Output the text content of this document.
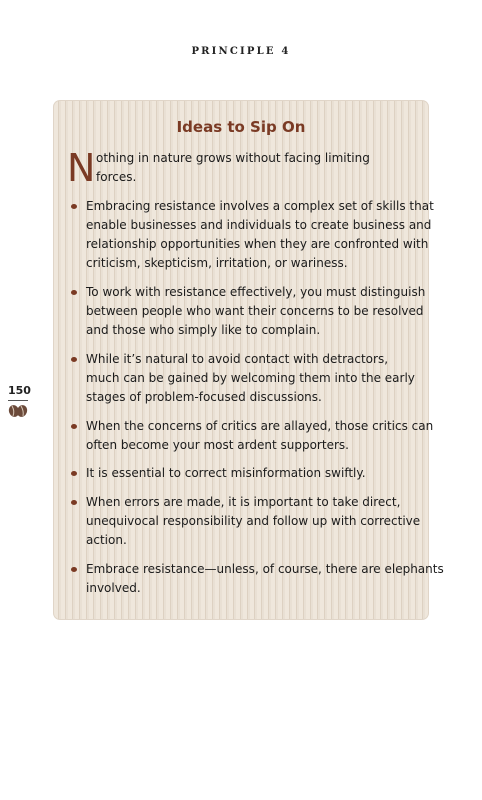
PRINCIPLE 4
150
Ideas to Sip On
N othing in nature grows without facing limiting
forces.
Embracing resistance involves a complex set of skills that
enable businesses and individuals to create business and
relationship opportunities when they are confronted with
criticism, skepticism, irritation, or wariness.
To work with resistance effectively, you must distinguish
between people who want their concerns to be resolved
and those who simply like to complain.
While it’s natural to avoid contact with detractors,
much can be gained by welcoming them into the early
stages of problem-focused discussions.
When the concerns of critics are allayed, those critics can
often become your most ardent supporters.
It is essential to correct misinformation swiftly.
When errors are made, it is important to take direct,
unequivocal responsibility and follow up with corrective
action.
Embrace resistance—unless, of course, there are elephants
involved.
